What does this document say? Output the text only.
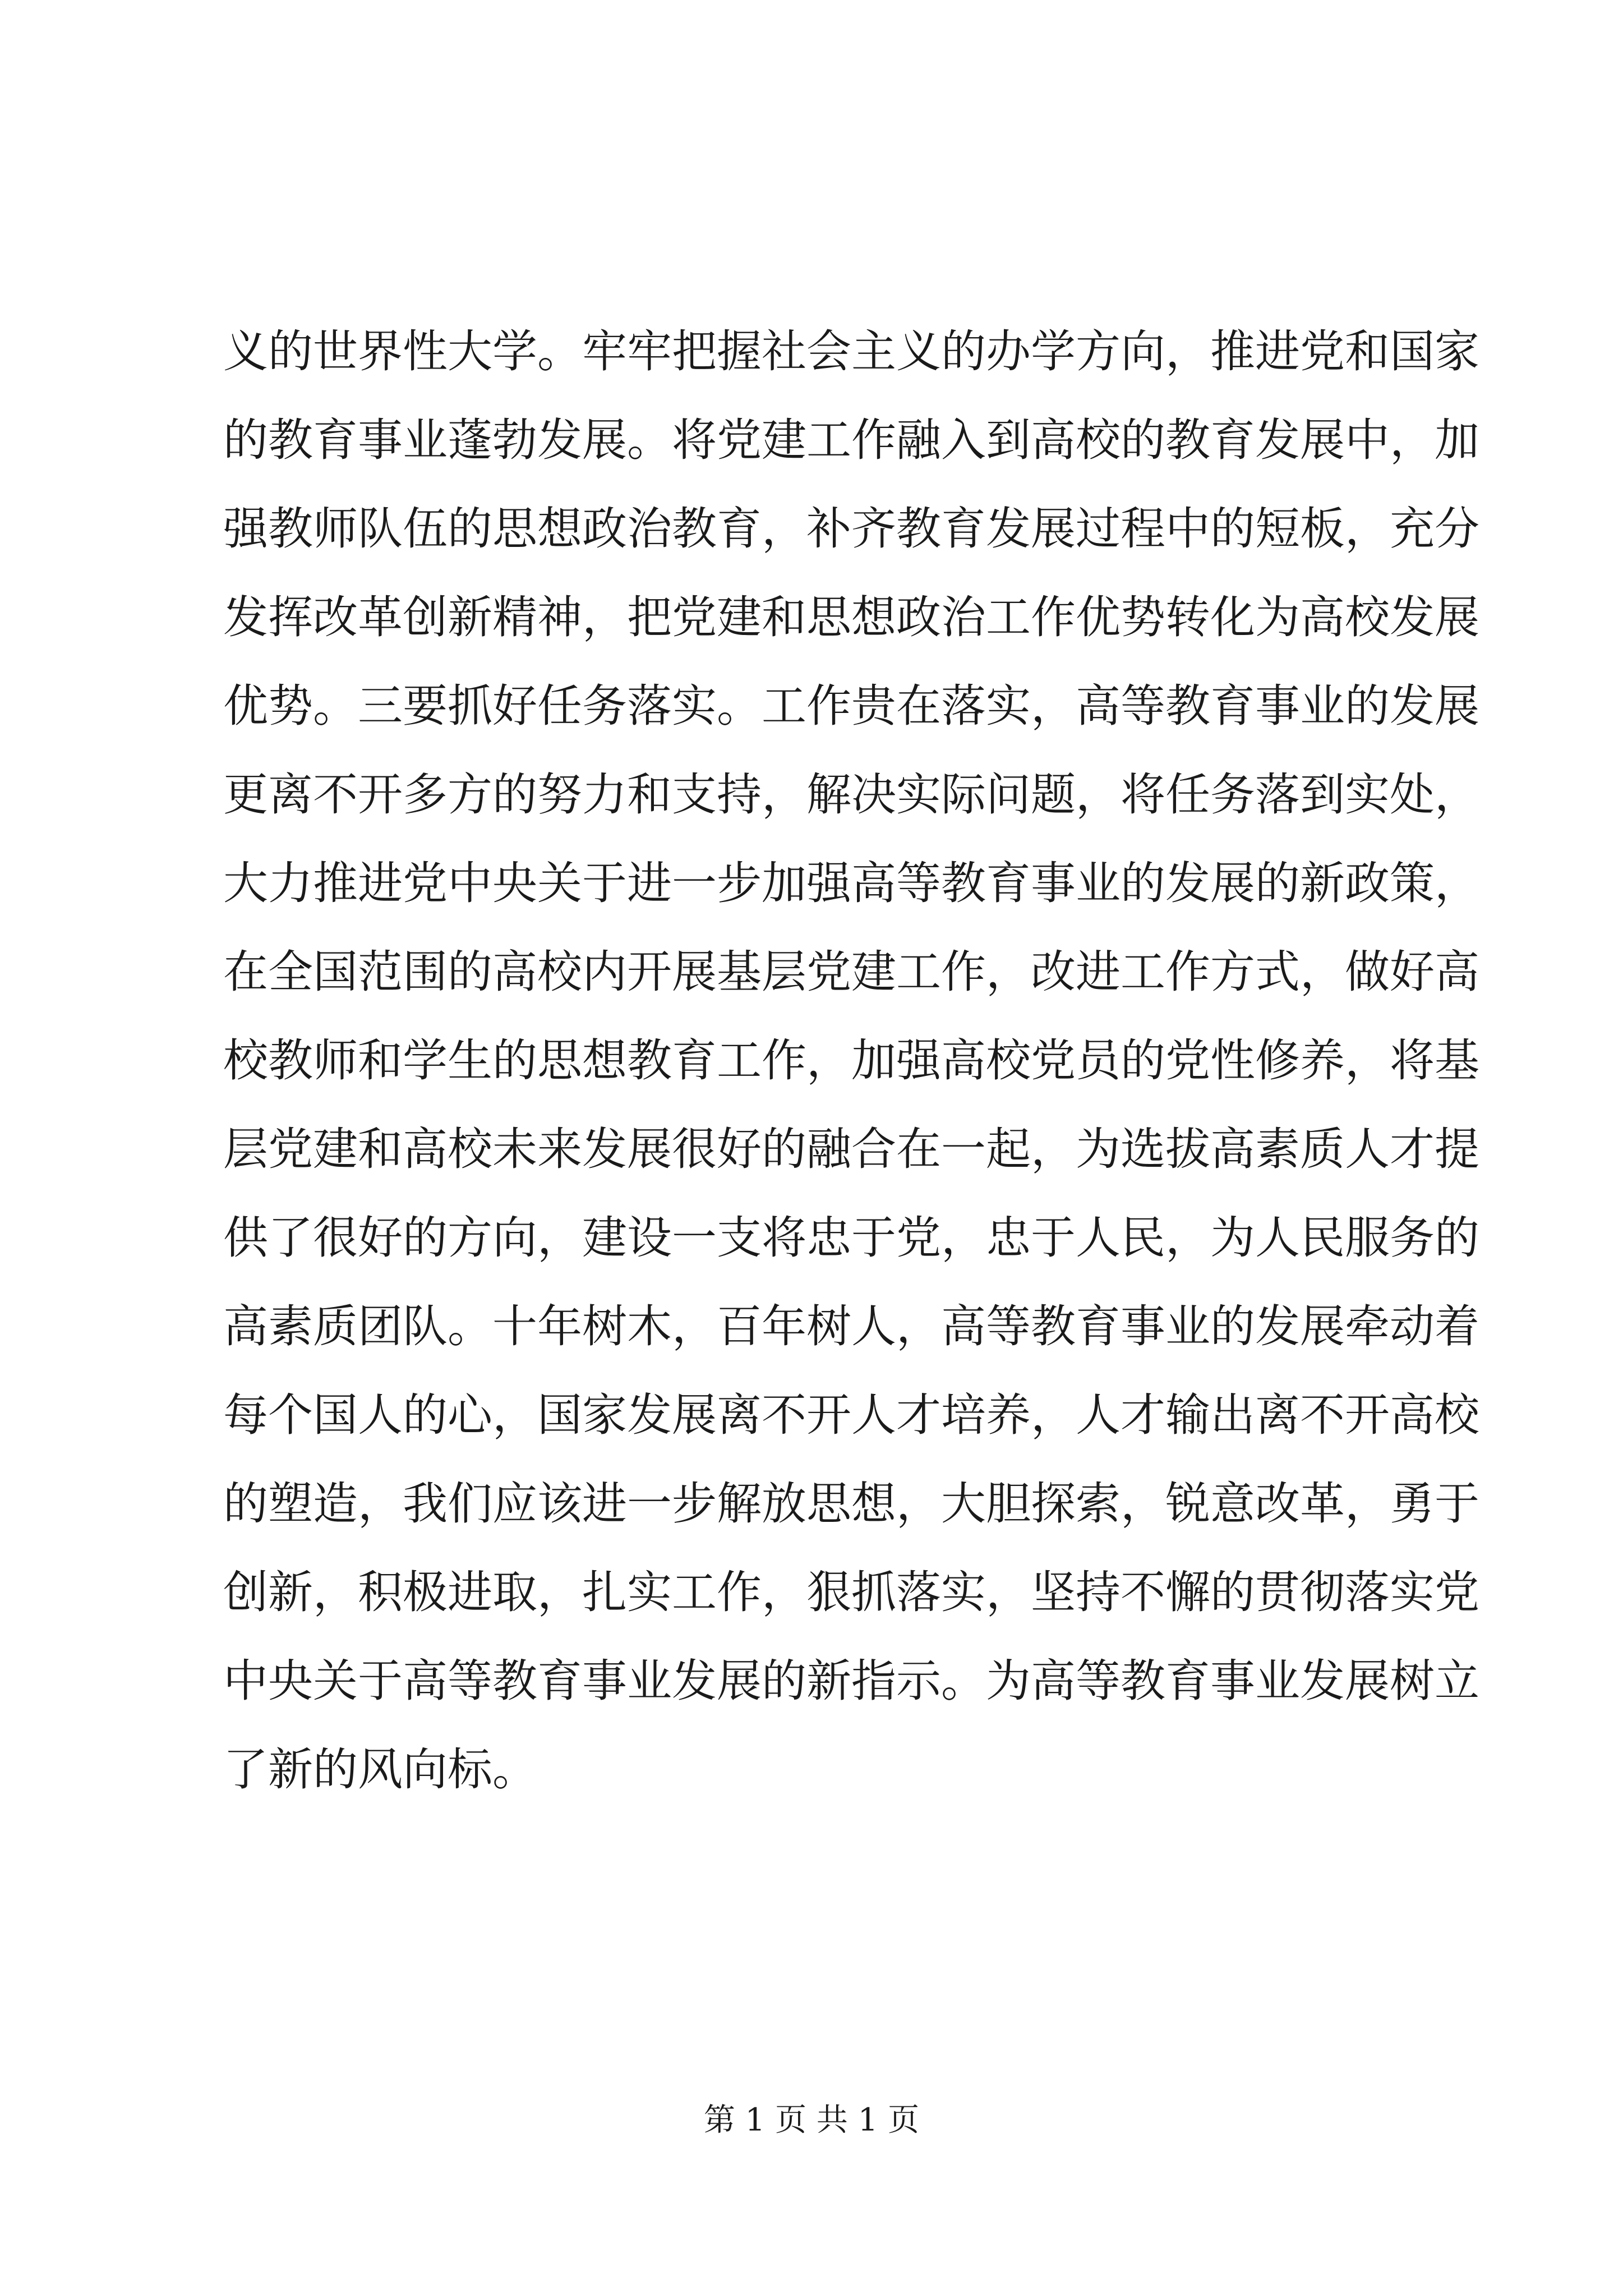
义的世界性大学。牢牢把握社会主义的办学方向，推进党和国家
的教育事业蓬勃发展。将党建工作融入到高校的教育发展中，加
强教师队伍的思想政治教育，补齐教育发展过程中的短板，充分
发挥改革创新精神，把党建和思想政治工作优势转化为高校发展
优势。三要抓好任务落实。工作贵在落实，高等教育事业的发展
更离不开多方的努力和支持，解决实际问题，将任务落到实处，
大力推进党中央关于进一步加强高等教育事业的发展的新政策，
在全国范围的高校内开展基层党建工作，改进工作方式，做好高
校教师和学生的思想教育工作，加强高校党员的党性修养，将基
层党建和高校未来发展很好的融合在一起，为选拔高素质人才提
供了很好的方向，建设一支将忠于党，忠于人民，为人民服务的
高素质团队。十年树木，百年树人，高等教育事业的发展牵动着
每个国人的心，国家发展离不开人才培养，人才输出离不开高校
的塑造，我们应该进一步解放思想，大胆探索，锐意改革，勇于
创新，积极进取，扎实工作，狠抓落实，坚持不懈的贯彻落实党
中央关于高等教育事业发展的新指示。为高等教育事业发展树立
了新的风向标。
第 1 页 共 1 页
